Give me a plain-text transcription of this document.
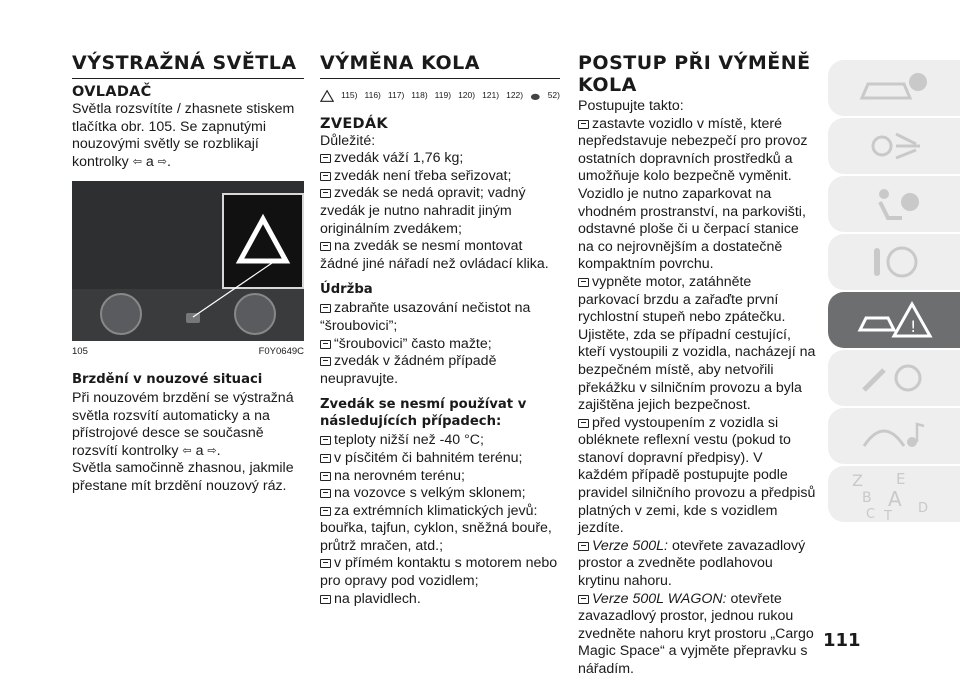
VÝSTRAŽNÁ SVĚTLA
OVLADAČ

Světla rozsvítíte / zhasnete stiskem tlačítka obr. 105. Se zapnutými nouzovými světly se rozblikají kontrolky ⇦ a ⇨.

105	F0Y0649C
Brzdění v nouzové situaci

Při nouzovém brzdění se výstražná světla rozsvítí automaticky a na přístrojové desce se současně rozsvítí kontrolky ⇦ a ⇨.

Světla samočinně zhasnou, jakmile přestane mít brzdění nouzový ráz.

VÝMĚNA KOLA
115) 116) 117) 118) 119) 120) 121) 122)	52)
ZVEDÁK

Důležité:

zvedák váží 1,76 kg;

zvedák není třeba seřizovat;

zvedák se nedá opravit; vadný zvedák je nutno nahradit jiným originálním zvedákem;

na zvedák se nesmí montovat žádné jiné nářadí než ovládací klika.

Údržba

zabraňte usazování nečistot na “šroubovici”;

“šroubovici” často mažte;

zvedák v žádném případě neupravujte.

Zvedák se nesmí používat v následujících případech:

teploty nižší než -40 °C;

v písčitém či bahnitém terénu;

na nerovném terénu;

na vozovce s velkým sklonem;

za extrémních klimatických jevů: bouřka, tajfun, cyklon, sněžná bouře, průtrž mračen, atd.;

v přímém kontaktu s motorem nebo pro opravy pod vozidlem;

na plavidlech.

POSTUP PŘI VÝMĚNĚ KOLA

Postupujte takto:

zastavte vozidlo v místě, které nepředstavuje nebezpečí pro provoz ostatních dopravních prostředků a umožňuje kolo bezpečně vyměnit. Vozidlo je nutno zaparkovat na vhodném prostranství, na parkovišti, odstavné ploše či u čerpací stanice na co nejrovnějším a dostatečně kompaktním povrchu.

vypněte motor, zatáhněte parkovací brzdu a zařaďte první rychlostní stupeň nebo zpátečku. Ujistěte, zda se případní cestující, kteří vystoupili z vozidla, nacházejí na bezpečném místě, aby netvořili překážku v silničním provozu a byla zajištěna jejich bezpečnost.

před vystoupením z vozidla si obléknete reflexní vestu (pokud to stanoví dopravní předpisy). V každém případě postupujte podle pravidel silničního provozu a předpisů platných v zemi, kde s vozidlem jezdíte.

Verze 500L: otevřete zavazadlový prostor a zvedněte podlahovou krytinu nahoru.

Verze 500L WAGON: otevřete zavazadlový prostor, jednou rukou zvedněte nahoru kryt prostoru „Cargo Magic Space“ a vyjměte přepravku s nářadím.

!
Z E
B A
C T
D
111
